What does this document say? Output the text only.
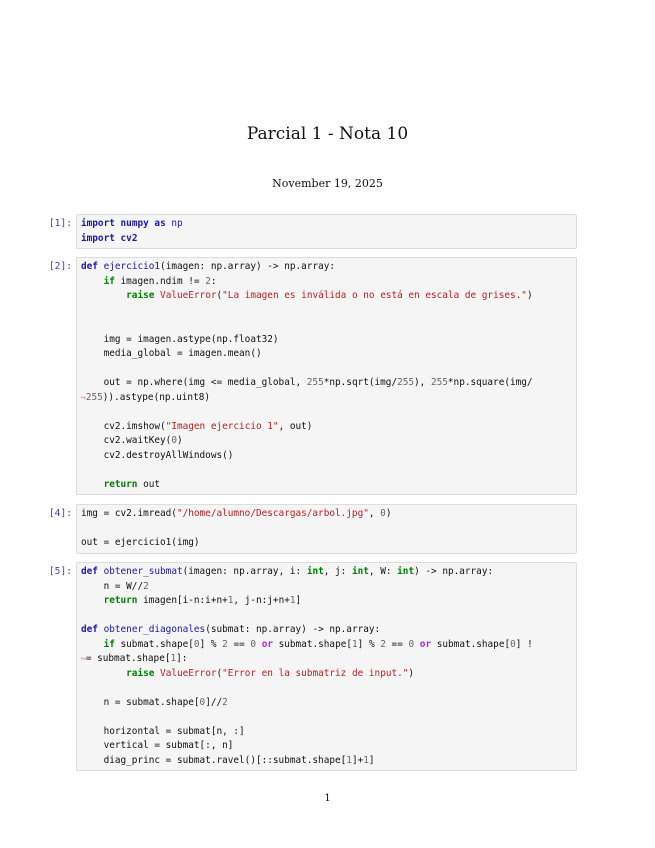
Parcial 1 - Nota 10
November 19, 2025
[1]: import numpy as np
import cv2
[2]: def ejercicio1(imagen: np.array) -> np.array:
if imagen.ndim != 2:
raise ValueError("La imagen es inválida o no está en escala de grises.")
img = imagen.astype(np.float32)
media_global = imagen.mean()
out = np.where(img <= media_global, 255*np.sqrt(img/255), 255*np.square(img/
↪255)).astype(np.uint8)
cv2.imshow("Imagen ejercicio 1", out)
cv2.waitKey(0)
cv2.destroyAllWindows()
return out
[4]: img = cv2.imread("/home/alumno/Descargas/arbol.jpg", 0)
out = ejercicio1(img)
[5]: def obtener_submat(imagen: np.array, i: int, j: int, W: int) -> np.array:
n = W//2
return imagen[i-n:i+n+1, j-n:j+n+1]
def obtener_diagonales(submat: np.array) -> np.array:
if submat.shape[0] % 2 == 0 or submat.shape[1] % 2 == 0 or submat.shape[0] !
↪= submat.shape[1]:
raise ValueError("Error en la submatriz de input.")
n = submat.shape[0]//2
horizontal = submat[n, :]
vertical = submat[:, n]
diag_princ = submat.ravel()[::submat.shape[1]+1]
1
